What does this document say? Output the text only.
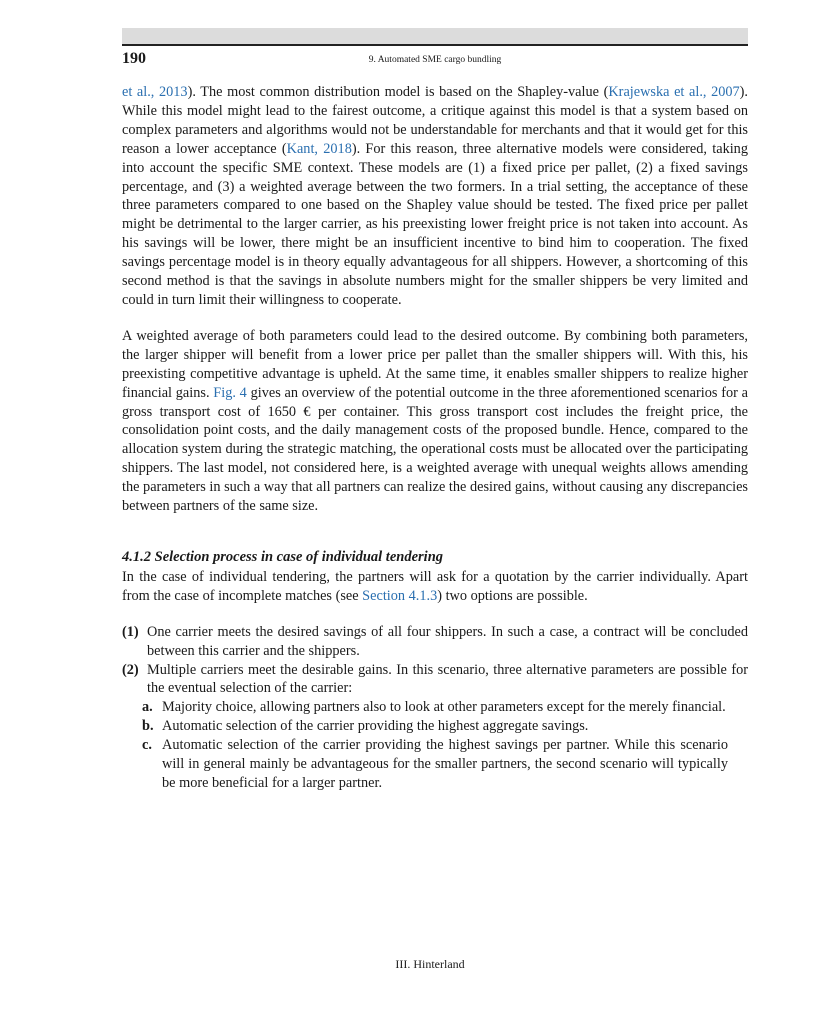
190	9. Automated SME cargo bundling

et al., 2013). The most common distribution model is based on the Shapley-value (Krajewska et al., 2007). While this model might lead to the fairest outcome, a critique against this model is that a system based on complex parameters and algorithms would not be understandable for merchants and that it would get for this reason a lower acceptance (Kant, 2018). For this reason, three alternative models were considered, taking into account the specific SME context. These models are (1) a fixed price per pallet, (2) a fixed savings percentage, and (3) a weighted average between the two formers. In a trial setting, the acceptance of these three parameters compared to one based on the Shapley value should be tested. The fixed price per pallet might be detrimental to the larger carrier, as his preexisting lower freight price is not taken into account. As his savings will be lower, there might be an insufficient incentive to bind him to cooperation. The fixed savings percentage model is in theory equally advantageous for all shippers. However, a shortcoming of this second method is that the savings in absolute numbers might for the smaller shippers be very limited and could in turn limit their willingness to cooperate.

A weighted average of both parameters could lead to the desired outcome. By combining both parameters, the larger shipper will benefit from a lower price per pallet than the smaller shippers will. With this, his preexisting competitive advantage is upheld. At the same time, it enables smaller shippers to realize higher financial gains. Fig. 4 gives an overview of the potential outcome in the three aforementioned scenarios for a gross transport cost of 1650 € per container. This gross transport cost includes the freight price, the consolidation point costs, and the daily management costs of the proposed bundle. Hence, compared to the allocation system during the strategic matching, the operational costs must be allocated over the participating shippers. The last model, not considered here, is a weighted average with unequal weights allows amending the parameters in such a way that all partners can realize the desired gains, without causing any discrepancies between partners of the same size.

4.1.2 Selection process in case of individual tendering

In the case of individual tendering, the partners will ask for a quotation by the carrier individually. Apart from the case of incomplete matches (see Section 4.1.3) two options are possible.

(1) One carrier meets the desired savings of all four shippers. In such a case, a contract will be concluded between this carrier and the shippers.
(2) Multiple carriers meet the desirable gains. In this scenario, three alternative parameters are possible for the eventual selection of the carrier:
a. Majority choice, allowing partners also to look at other parameters except for the merely financial.
b. Automatic selection of the carrier providing the highest aggregate savings.
c. Automatic selection of the carrier providing the highest savings per partner. While this scenario will in general mainly be advantageous for the smaller partners, the second scenario will typically be more beneficial for a larger partner.
III. Hinterland
